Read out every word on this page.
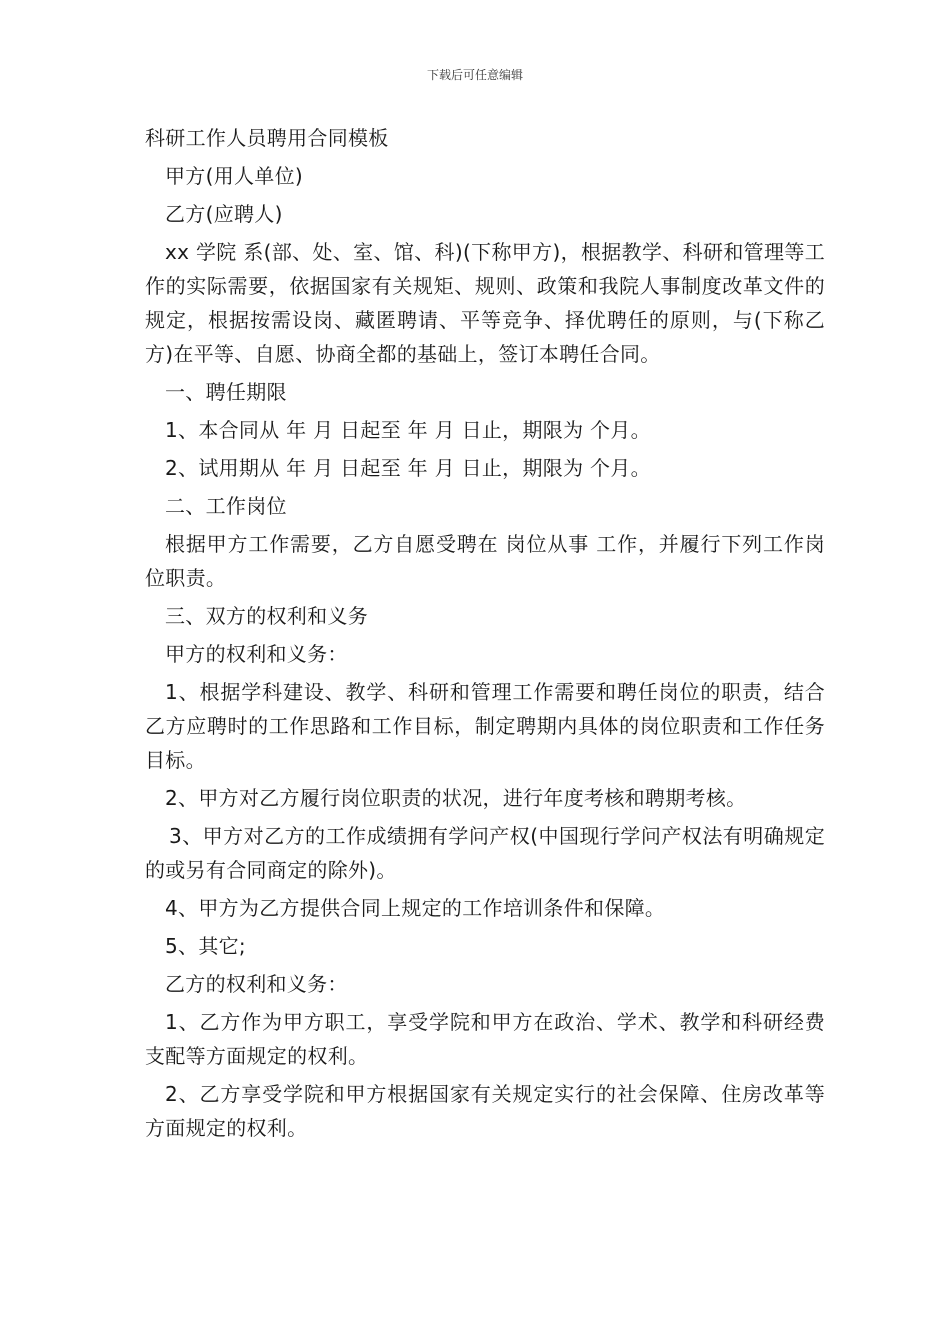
下载后可任意编辑

科研工作人员聘用合同模板

甲方(用人单位)

乙方(应聘人)

xx 学院 系(部、处、室、馆、科)(下称甲方)，根据教学、科研和管理等工作的实际需要，依据国家有关规矩、规则、政策和我院人事制度改革文件的规定，根据按需设岗、藏匿聘请、平等竞争、择优聘任的原则，与(下称乙方)在平等、自愿、协商全都的基础上，签订本聘任合同。

一、聘任期限

1、本合同从 年 月 日起至 年 月 日止，期限为 个月。

2、试用期从 年 月 日起至 年 月 日止，期限为 个月。

二、工作岗位

根据甲方工作需要，乙方自愿受聘在 岗位从事 工作，并履行下列工作岗位职责。

三、双方的权利和义务

甲方的权利和义务：

1、根据学科建设、教学、科研和管理工作需要和聘任岗位的职责，结合乙方应聘时的工作思路和工作目标，制定聘期内具体的岗位职责和工作任务目标。

2、甲方对乙方履行岗位职责的状况，进行年度考核和聘期考核。

3、甲方对乙方的工作成绩拥有学问产权(中国现行学问产权法有明确规定的或另有合同商定的除外)。

4、甲方为乙方提供合同上规定的工作培训条件和保障。

5、其它;

乙方的权利和义务：

1、乙方作为甲方职工，享受学院和甲方在政治、学术、教学和科研经费支配等方面规定的权利。

2、乙方享受学院和甲方根据国家有关规定实行的社会保障、住房改革等方面规定的权利。
